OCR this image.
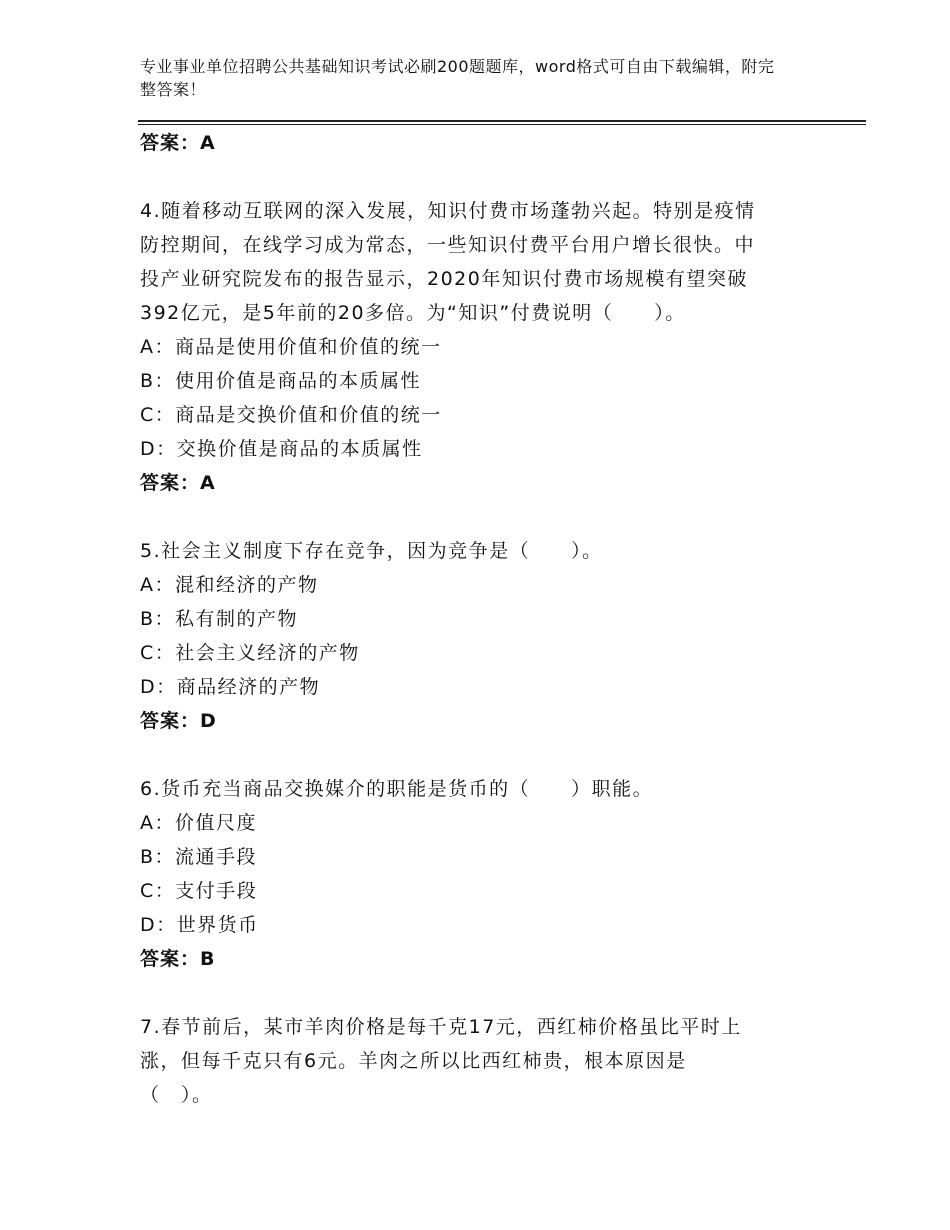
专业事业单位招聘公共基础知识考试必刷200题题库，word格式可自由下载编辑，附完整答案！
答案：A
4.随着移动互联网的深入发展，知识付费市场蓬勃兴起。特别是疫情
防控期间，在线学习成为常态，一些知识付费平台用户增长很快。中
投产业研究院发布的报告显示，2020年知识付费市场规模有望突破
392亿元，是5年前的20多倍。为“知识”付费说明（　　）。
A：商品是使用价值和价值的统一
B：使用价值是商品的本质属性
C：商品是交换价值和价值的统一
D：交换价值是商品的本质属性
答案：A
5.社会主义制度下存在竞争，因为竞争是（　　）。
A：混和经济的产物
B：私有制的产物
C：社会主义经济的产物
D：商品经济的产物
答案：D
6.货币充当商品交换媒介的职能是货币的（　　）职能。
A：价值尺度
B：流通手段
C：支付手段
D：世界货币
答案：B
7.春节前后，某市羊肉价格是每千克17元，西红柿价格虽比平时上
涨，但每千克只有6元。羊肉之所以比西红柿贵，根本原因是
（　）。
